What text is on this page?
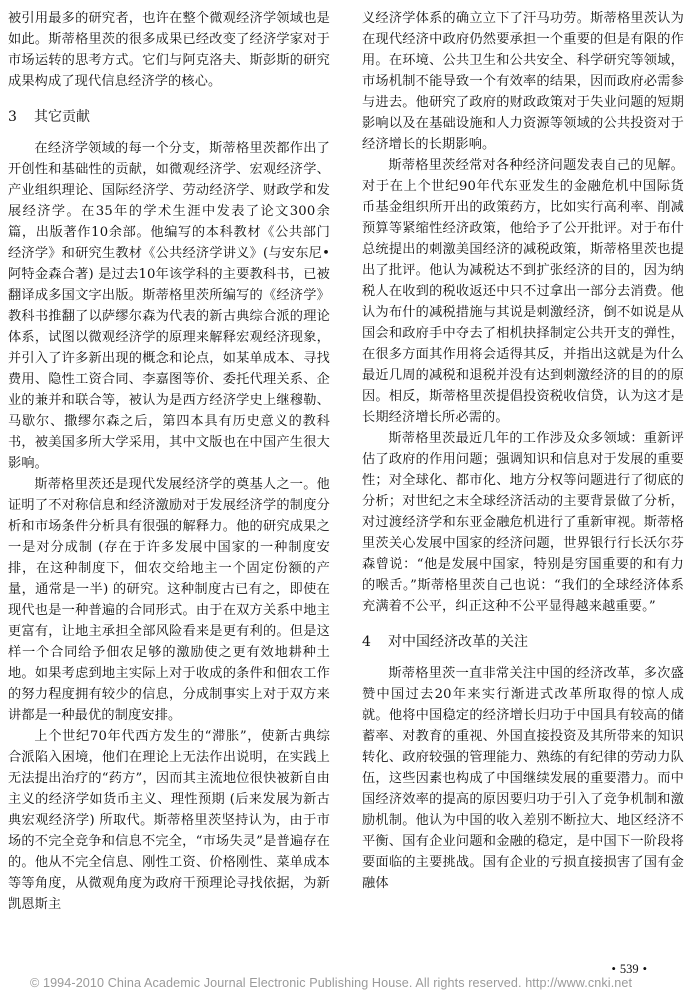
被引用最多的研究者，也许在整个微观经济学领域也是如此。斯蒂格里茨的很多成果已经改变了经济学家对于市场运转的思考方式。它们与阿克洛夫、斯彭斯的研究成果构成了现代信息经济学的核心。

3	其它贡献

在经济学领域的每一个分支，斯蒂格里茨都作出了开创性和基础性的贡献，如微观经济学、宏观经济学、产业组织理论、国际经济学、劳动经济学、财政学和发展经济学。在35年的学术生涯中发表了论文300余篇，出版著作10余部。他编写的本科教材《公共部门经济学》和研究生教材《公共经济学讲义》(与安东尼•阿特金森合著) 是过去10年该学科的主要教科书，已被翻译成多国文字出版。斯蒂格里茨所编写的《经济学》教科书推翻了以萨缪尔森为代表的新古典综合派的理论体系，试图以微观经济学的原理来解释宏观经济现象，并引入了许多新出现的概念和论点，如某单成本、寻找费用、隐性工资合同、李嘉图等价、委托代理关系、企业的兼并和联合等，被认为是西方经济学史上继穆勒、马歇尔、撒缪尔森之后，第四本具有历史意义的教科书，被美国多所大学采用，其中文版也在中国产生很大影响。

斯蒂格里茨还是现代发展经济学的奠基人之一。他证明了不对称信息和经济激励对于发展经济学的制度分析和市场条件分析具有很强的解释力。他的研究成果之一是对分成制 (存在于许多发展中国家的一种制度安排，在这种制度下，佃农交给地主一个固定份额的产量，通常是一半) 的研究。这种制度古已有之，即使在现代也是一种普遍的合同形式。由于在双方关系中地主更富有，让地主承担全部风险看来是更有利的。但是这样一个合同给予佃农足够的激励使之更有效地耕种土地。如果考虑到地主实际上对于收成的条件和佃农工作的努力程度拥有较少的信息，分成制事实上对于双方来讲都是一种最优的制度安排。

上个世纪70年代西方发生的“滞胀”，使新古典综合派陷入困境，他们在理论上无法作出说明，在实践上无法提出治疗的“药方”，因而其主流地位很快被新自由主义的经济学如货币主义、理性预期 (后来发展为新古典宏观经济学) 所取代。斯蒂格里茨坚持认为，由于市场的不完全竞争和信息不完全，“市场失灵”是普遍存在的。他从不完全信息、刚性工资、价格刚性、菜单成本等等角度，从微观角度为政府干预理论寻找依据，为新凯恩斯主

义经济学体系的确立立下了汗马功劳。斯蒂格里茨认为在现代经济中政府仍然要承担一个重要的但是有限的作用。在环境、公共卫生和公共安全、科学研究等领域，市场机制不能导致一个有效率的结果，因而政府必需参与进去。他研究了政府的财政政策对于失业问题的短期影响以及在基础设施和人力资源等领域的公共投资对于经济增长的长期影响。

斯蒂格里茨经常对各种经济问题发表自己的见解。对于在上个世纪90年代东亚发生的金融危机中国际货币基金组织所开出的政策药方，比如实行高利率、削减预算等紧缩性经济政策，他给予了公开批评。对于布什总统提出的刺激美国经济的减税政策，斯蒂格里茨也提出了批评。他认为减税达不到扩张经济的目的，因为纳税人在收到的税收返还中只不过拿出一部分去消费。他认为布什的减税措施与其说是刺激经济，倒不如说是从国会和政府手中夺去了相机抉择制定公共开支的弹性，在很多方面其作用将会适得其反，并指出这就是为什么最近几周的减税和退税并没有达到刺激经济的目的的原因。相反，斯蒂格里茨提倡投资税收信贷，认为这才是长期经济增长所必需的。

斯蒂格里茨最近几年的工作涉及众多领域：重新评估了政府的作用问题；强调知识和信息对于发展的重要性；对全球化、都市化、地方分权等问题进行了彻底的分析；对世纪之末全球经济活动的主要背景做了分析，对过渡经济学和东亚金融危机进行了重新审视。斯蒂格里茨关心发展中国家的经济问题，世界银行行长沃尔芬森曾说：“他是发展中国家，特别是穷国重要的和有力的喉舌。”斯蒂格里茨自己也说：“我们的全球经济体系充满着不公平，纠正这种不公平显得越来越重要。”

4	对中国经济改革的关注

斯蒂格里茨一直非常关注中国的经济改革，多次盛赞中国过去20年来实行渐进式改革所取得的惊人成就。他将中国稳定的经济增长归功于中国具有较高的储蓄率、对教育的重视、外国直接投资及其所带来的知识转化、政府较强的管理能力、熟练的有纪律的劳动力队伍，这些因素也构成了中国继续发展的重要潜力。而中国经济效率的提高的原因要归功于引入了竞争机制和激励机制。他认为中国的收入差别不断拉大、地区经济不平衡、国有企业问题和金融的稳定，是中国下一阶段将要面临的主要挑战。国有企业的亏损直接损害了国有金融体

© 1994-2010 China Academic Journal Electronic Publishing House. All rights reserved. http://www.cnki.net
• 539 •
